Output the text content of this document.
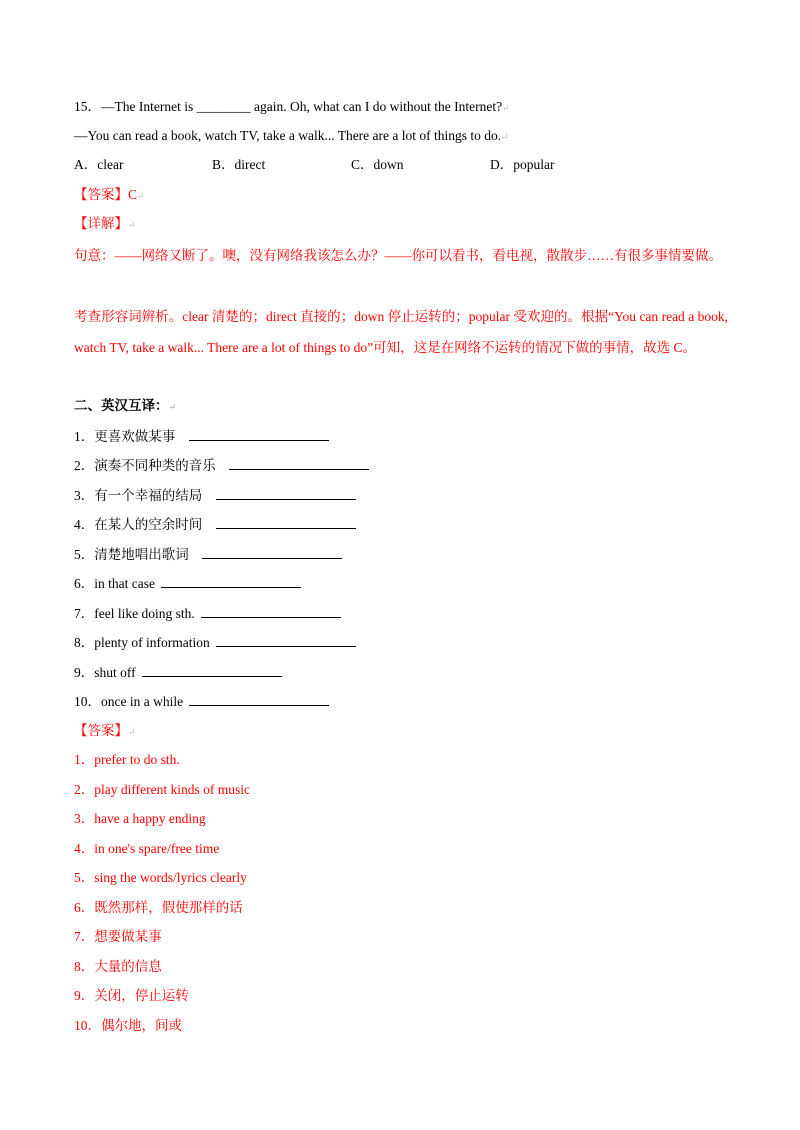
15．—The Internet is ________ again. Oh, what can I do without the Internet?↵
—You can read a book, watch TV, take a walk... There are a lot of things to do.↵
A．clear	B．direct	C．down	D．popular
【答案】C↵
【详解】↵
句意：——网络又断了。噢，没有网络我该怎么办？——你可以看书，看电视，散散步……有很多事情要做。
考查形容词辨析。clear 清楚的；direct 直接的；down 停止运转的；popular 受欢迎的。根据“You can read a book, watch TV, take a walk... There are a lot of things to do”可知，这是在网络不运转的情况下做的事情，故选 C。
二、英汉互译：↵
1．更喜欢做某事
2．演奏不同种类的音乐
3．有一个幸福的结局
4．在某人的空余时间
5．清楚地唱出歌词
6．in that case
7．feel like doing sth.
8．plenty of information
9．shut off
10．once in a while
【答案】↵
1．prefer to do sth.
2．play different kinds of music
3．have a happy ending
4．in one's spare/free time
5．sing the words/lyrics clearly
6．既然那样，假使那样的话
7．想要做某事
8．大量的信息
9．关闭，停止运转
10．偶尔地，间或
